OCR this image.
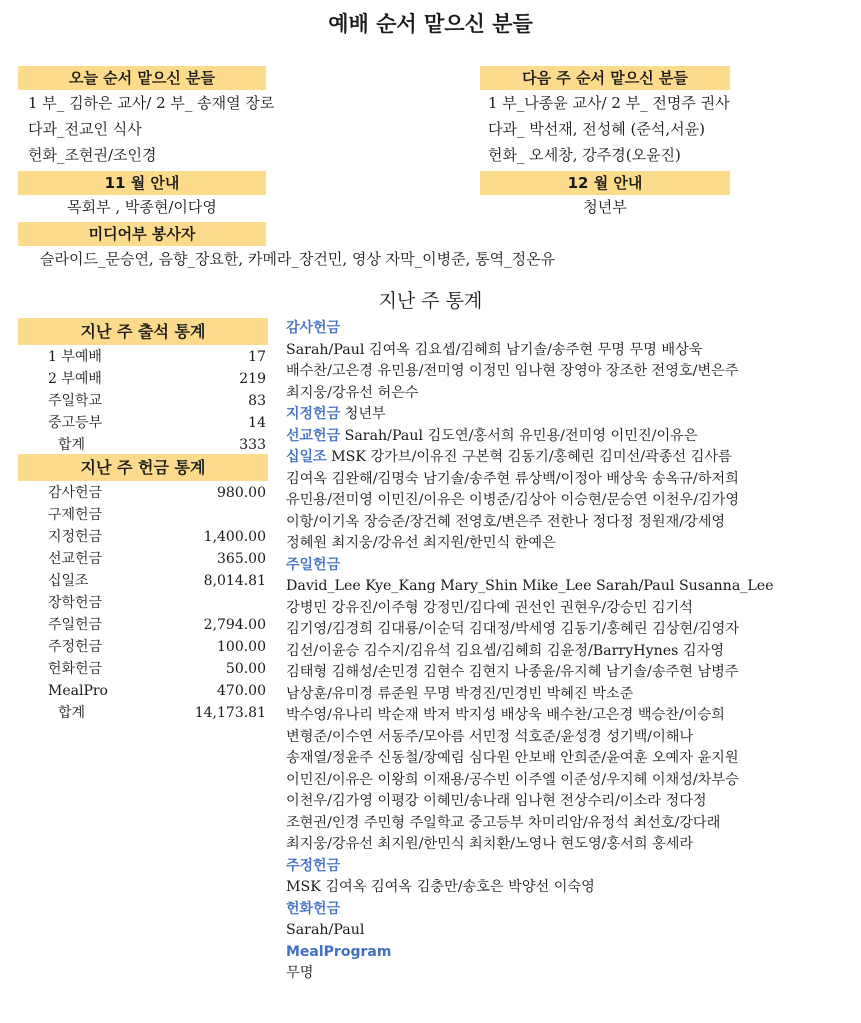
예배 순서 맡으신 분들
오늘 순서 맡으신 분들
1 부_ 김하은 교사/ 2 부_ 송재열 장로
다과_전교인 식사
헌화_조현권/조인경
다음 주 순서 맡으신 분들
1 부_나종윤 교사/ 2 부_ 전명주 권사
다과_ 박선재, 전성혜 (준석,서윤)
헌화_ 오세창, 강주경(오윤진)
11 월 안내
목회부 , 박종현/이다영
12 월 안내
청년부
미디어부 봉사자
슬라이드_문승연, 음향_장요한, 카메라_장건민, 영상 자막_이병준, 통역_정온유
지난 주 통계
지난 주 출석 통계
1 부예배	17
2 부예배	219
주일학교	83
중고등부	14
합계	333
지난 주 헌금 통계
감사헌금	980.00
구제헌금
지정헌금	1,400.00
선교헌금	365.00
십일조	8,014.81
장학헌금
주일헌금	2,794.00
주정헌금	100.00
헌화헌금	50.00
MealPro	470.00
합계	14,173.81
감사헌금
Sarah/Paul 김여옥 김요셉/김혜희 남기솔/송주현 무명 무명 배상욱
배수찬/고은경 유민용/전미영 이정민 임나현 장영아 장조한 전영호/변은주
최지웅/강유선 허은수
지정헌금 청년부
선교헌금 Sarah/Paul 김도연/홍서희 유민용/전미영 이민진/이유은
십일조 MSK 강가브/이유진 구본혁 김동기/홍혜린 김미선/곽종선 김사름
김여옥 김완해/김명숙 남기솔/송주현 류상백/이정아 배상욱 송옥규/하저희
유민용/전미영 이민진/이유은 이병준/김상아 이승현/문승연 이천우/김가영
이항/이기옥 장승준/장건혜 전영호/변은주 전한나 정다정 정원재/강세영
정혜원 최지웅/강유선 최지원/한민식 한예은
주일헌금
David_Lee Kye_Kang Mary_Shin Mike_Lee Sarah/Paul Susanna_Lee
강병민 강유진/이주형 강정민/김다예 권선인 권현우/강승민 김기석
김기영/김경희 김대룡/이순덕 김대정/박세영 김동기/홍혜린 김상현/김영자
김선/이윤승 김수지/김유석 김요셉/김혜희 김윤정/BarryHynes 김자영
김태형 김해성/손민경 김현수 김현지 나종윤/유지혜 남기솔/송주현 남병주
남상훈/유미경 류준원 무명 박경진/민경빈 박혜진 박소준
박수영/유나리 박순재 박저 박지성 배상욱 배수찬/고은경 백승찬/이승희
변형준/이수연 서동주/모아름 서민정 석호준/윤성경 성기백/이해나
송재열/정윤주 신동철/장예림 심다원 안보배 안희준/윤여훈 오예자 윤지원
이민진/이유은 이왕희 이재용/공수빈 이주엘 이준성/우지혜 이채성/차부승
이천우/김가영 이평강 이혜민/송나래 임나현 전상수리/이소라 정다정
조현권/인경 주민형 주일학교 중고등부 차미리암/유정석 최선호/강다래
최지웅/강유선 최지원/한민식 최치환/노영나 현도영/홍서희 홍세라
주정헌금
MSK 김여옥 김여옥 김충만/송호은 박양선 이숙영
헌화헌금
Sarah/Paul
MealProgram
무명
